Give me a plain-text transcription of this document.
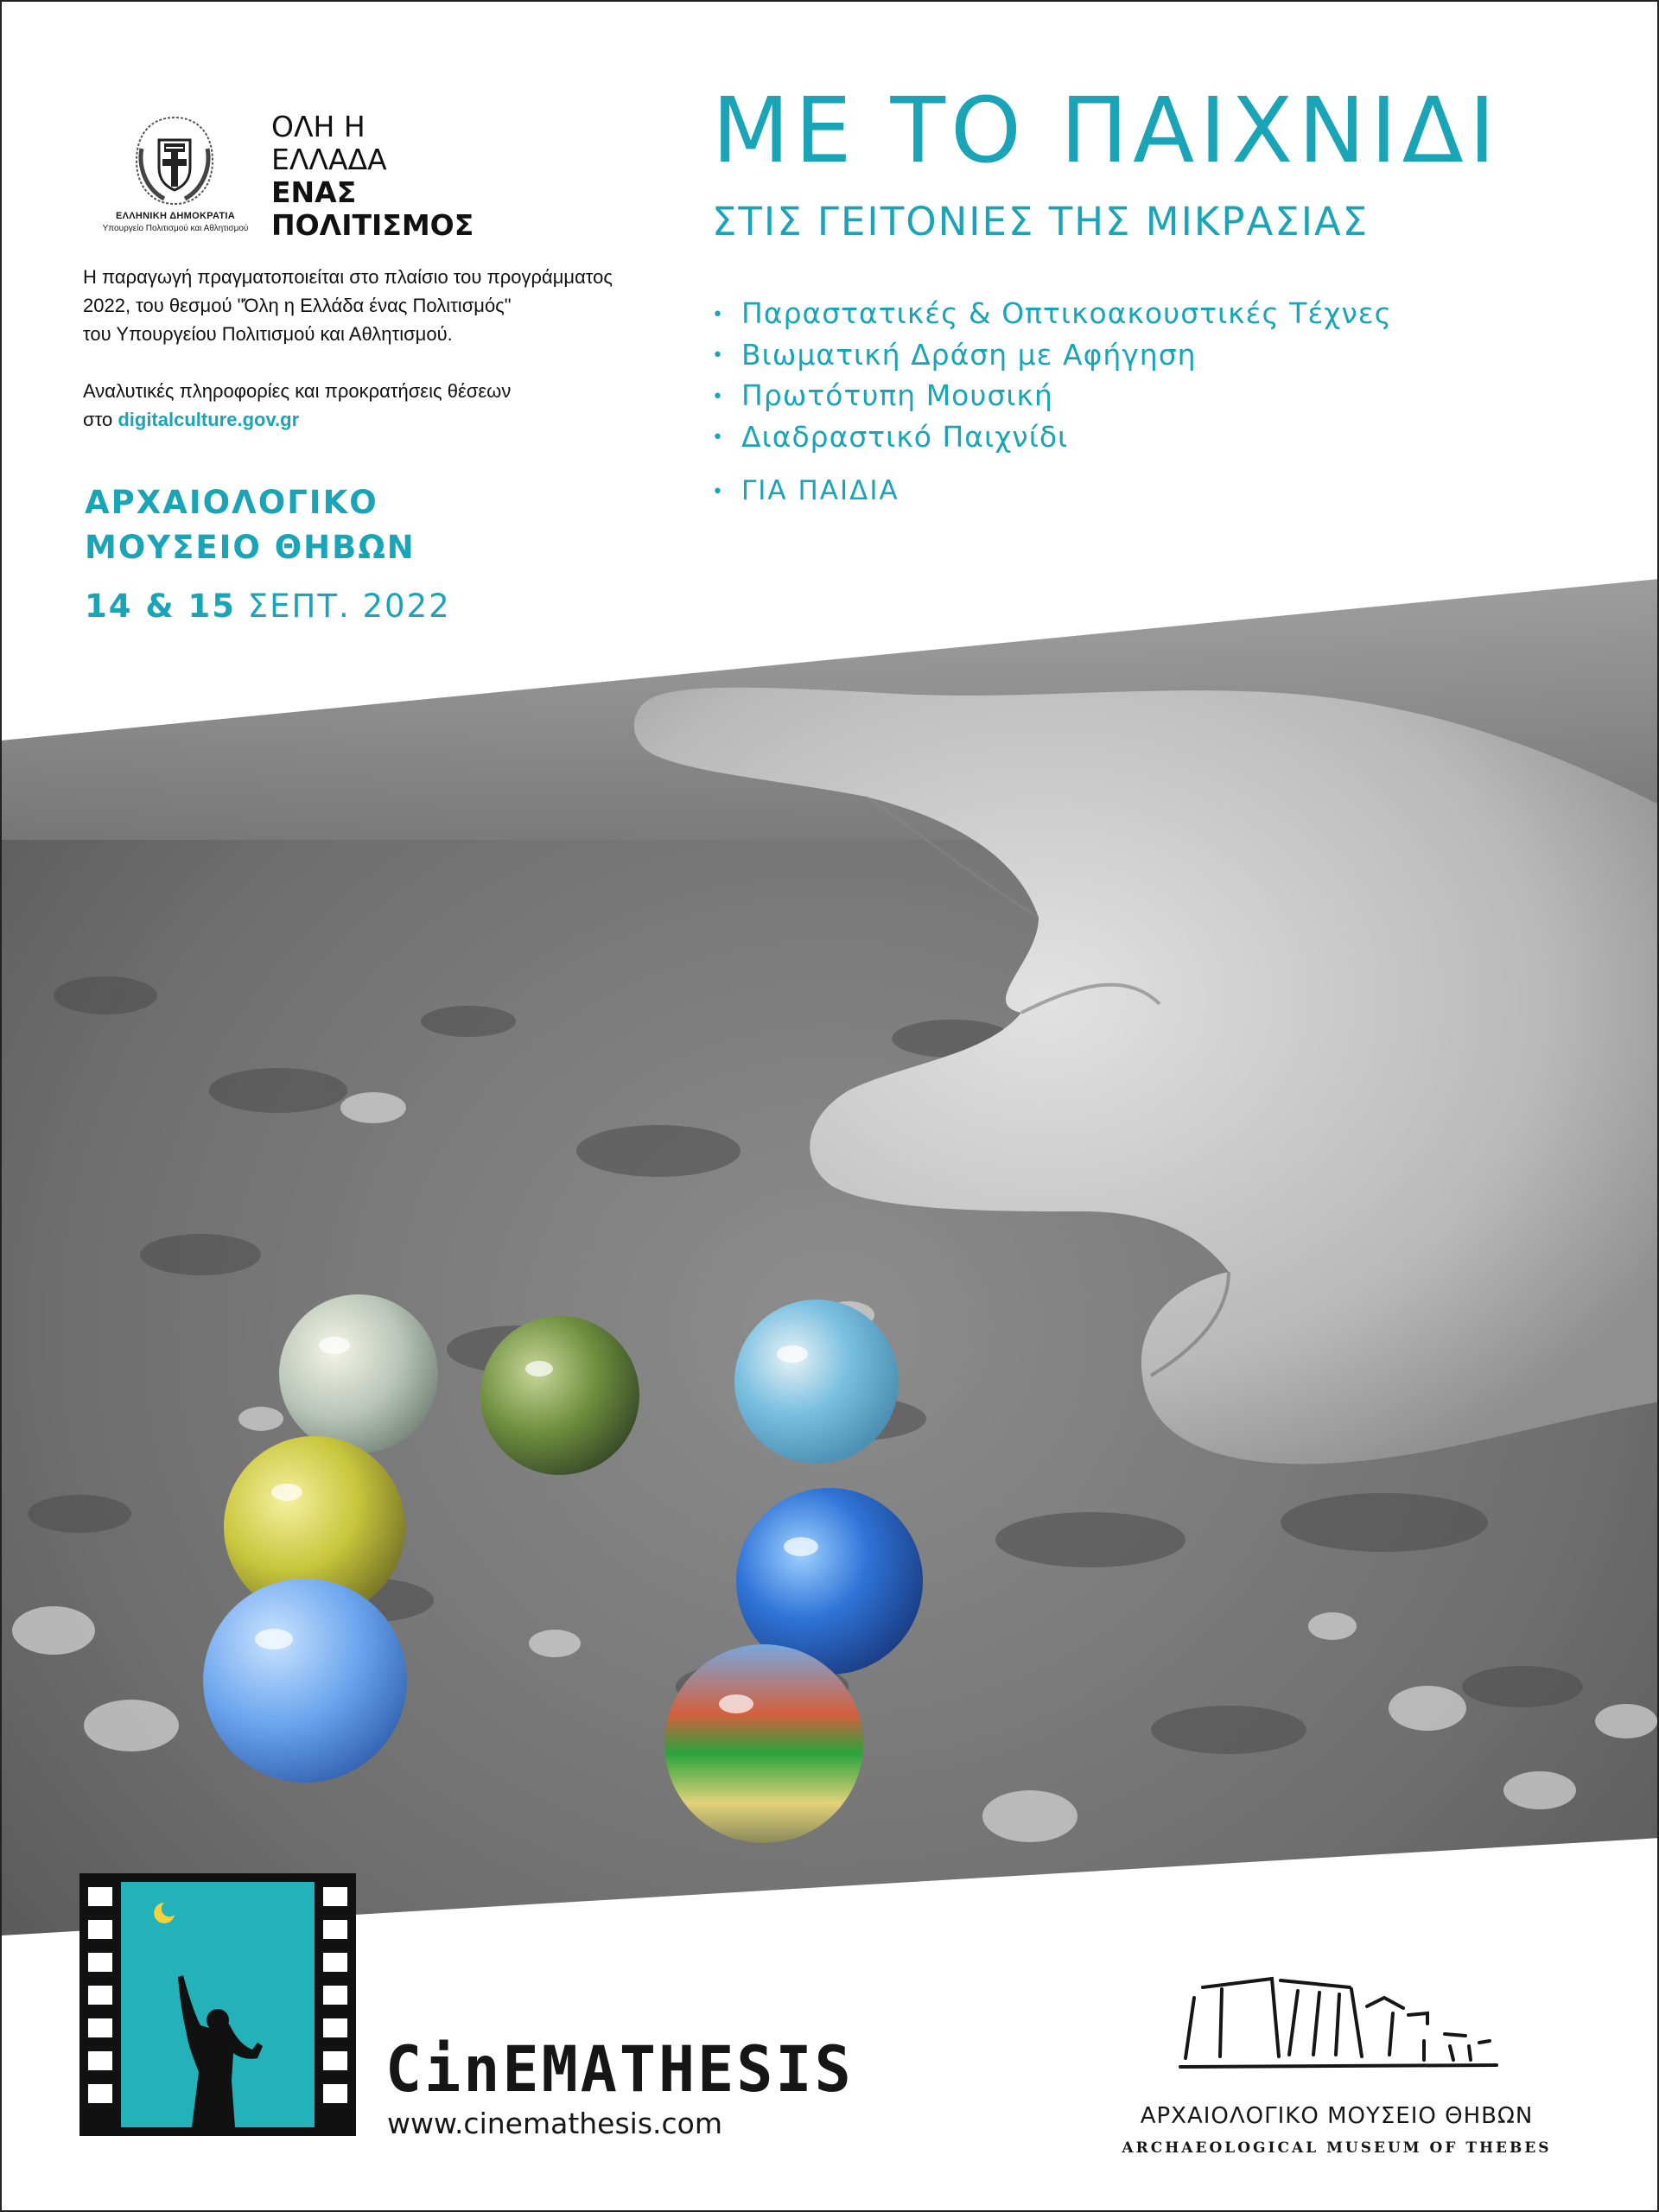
ΕΛΛΗΝΙΚΗ ΔΗΜΟΚΡΑΤΙΑ
Υπουργείο Πολιτισμού και Αθλητισμού
ΟΛΗ Η
ΕΛΛΑΔΑ
ΕΝΑΣ
ΠΟΛΙΤΙΣΜΟΣ

Η παραγωγή πραγματοποιείται στο πλαίσιο του προγράμματος

2022, του θεσμού "Όλη η Ελλάδα ένας Πολιτισμός"

του Υπουργείου Πολιτισμού και Αθλητισμού.

Αναλυτικές πληροφορίες και προκρατήσεις θέσεων

στο digitalculture.gov.gr

ΑΡΧΑΙΟΛΟΓΙΚΟ
ΜΟΥΣΕΙΟ ΘΗΒΩΝ
14 & 15 ΣΕΠΤ. 2022
ΜΕ ΤΟ ΠΑΙΧΝΙΔΙ
ΣΤΙΣ ΓΕΙΤΟΝΙΕΣ ΤΗΣ ΜΙΚΡΑΣΙΑΣ
• Παραστατικές & Οπτικοακουστικές Τέχνες
• Βιωματική Δράση με Αφήγηση
• Πρωτότυπη Μουσική
• Διαδραστικό Παιχνίδι
• ΓΙΑ ΠΑΙΔΙΑ
CinEMATHESIS
www.cinemathesis.com	ΑΡΧΑΙΟΛΟΓΙΚΟ ΜΟΥΣΕΙΟ ΘΗΒΩΝ
ARCHAEOLOGICAL MUSEUM OF THEBES
